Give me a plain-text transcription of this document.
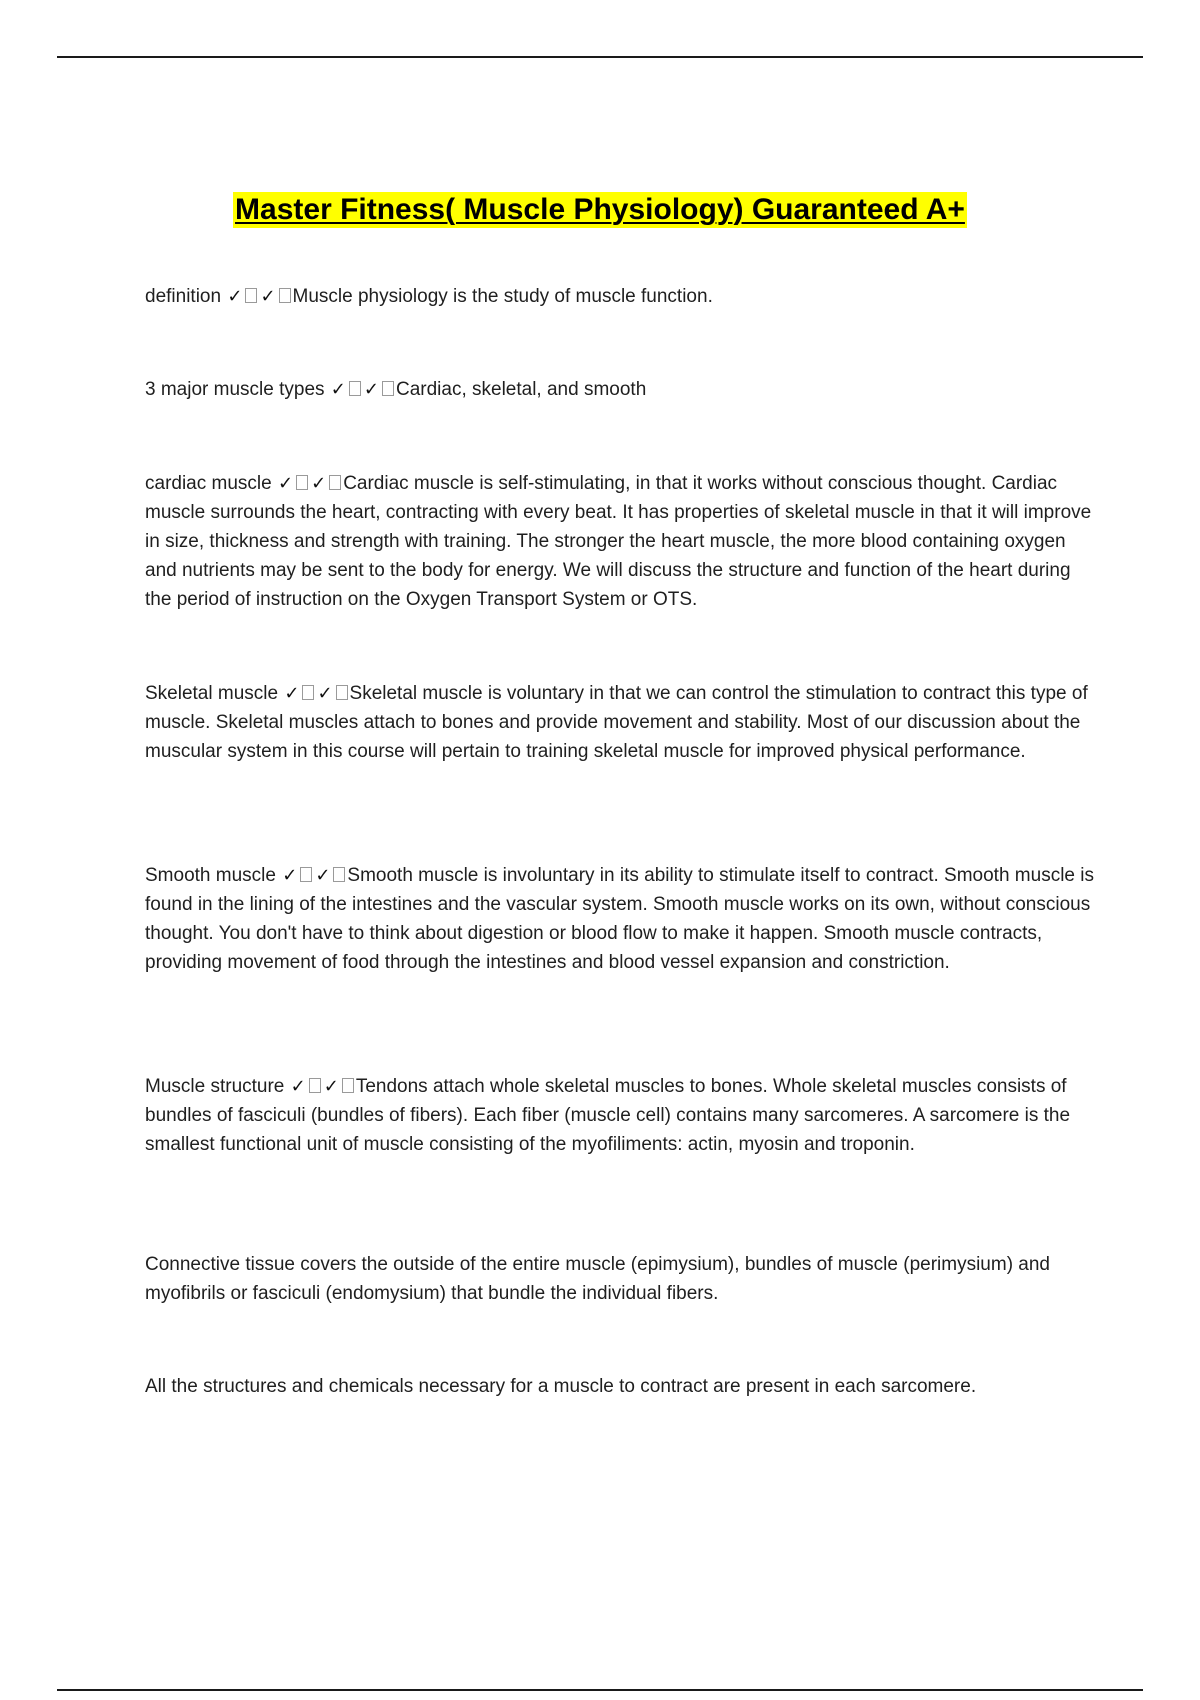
Master Fitness( Muscle Physiology) Guaranteed A+

definition ✓ ✓ Muscle physiology is the study of muscle function.

3 major muscle types ✓ ✓ Cardiac, skeletal, and smooth

cardiac muscle ✓ ✓ Cardiac muscle is self-stimulating, in that it works without conscious thought. Cardiac muscle surrounds the heart, contracting with every beat. It has properties of skeletal muscle in that it will improve in size, thickness and strength with training. The stronger the heart muscle, the more blood containing oxygen and nutrients may be sent to the body for energy. We will discuss the structure and function of the heart during the period of instruction on the Oxygen Transport System or OTS.

Skeletal muscle ✓ ✓ Skeletal muscle is voluntary in that we can control the stimulation to contract this type of muscle. Skeletal muscles attach to bones and provide movement and stability. Most of our discussion about the muscular system in this course will pertain to training skeletal muscle for improved physical performance.

Smooth muscle ✓ ✓ Smooth muscle is involuntary in its ability to stimulate itself to contract. Smooth muscle is found in the lining of the intestines and the vascular system. Smooth muscle works on its own, without conscious thought. You don't have to think about digestion or blood flow to make it happen. Smooth muscle contracts, providing movement of food through the intestines and blood vessel expansion and constriction.

Muscle structure ✓ ✓ Tendons attach whole skeletal muscles to bones. Whole skeletal muscles consists of bundles of fasciculi (bundles of fibers). Each fiber (muscle cell) contains many sarcomeres. A sarcomere is the smallest functional unit of muscle consisting of the myofiliments: actin, myosin and troponin.

Connective tissue covers the outside of the entire muscle (epimysium), bundles of muscle (perimysium) and myofibrils or fasciculi (endomysium) that bundle the individual fibers.

All the structures and chemicals necessary for a muscle to contract are present in each sarcomere.
